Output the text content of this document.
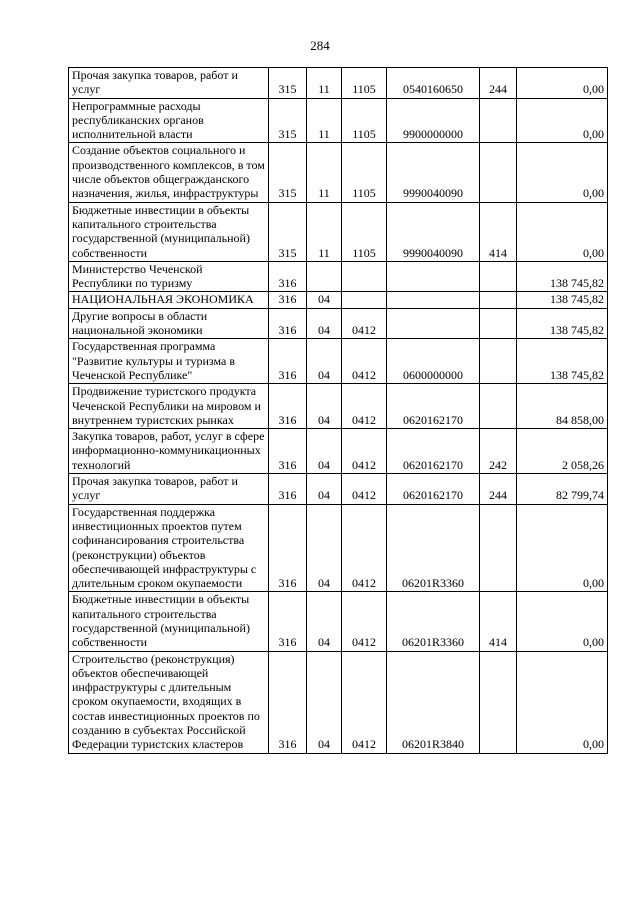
284
Прочая закупка товаров, работ и услуг	315	11	1105	0540160650	244	0,00
Непрограммные расходы республиканских органов исполнительной власти	315	11	1105	9900000000		0,00
Создание объектов социального и производственного комплексов, в том числе объектов общегражданского назначения, жилья, инфраструктуры	315	11	1105	9990040090		0,00
Бюджетные инвестиции в объекты капитального строительства государственной (муниципальной) собственности	315	11	1105	9990040090	414	0,00
Министерство Чеченской Республики по туризму	316					138 745,82
НАЦИОНАЛЬНАЯ ЭКОНОМИКА	316	04				138 745,82
Другие вопросы в области национальной экономики	316	04	0412			138 745,82
Государственная программа "Развитие культуры и туризма в Чеченской Республике"	316	04	0412	0600000000		138 745,82
Продвижение туристского продукта Чеченской Республики на мировом и внутреннем туристских рынках	316	04	0412	0620162170		84 858,00
Закупка товаров, работ, услуг в сфере информационно-коммуникационных технологий	316	04	0412	0620162170	242	2 058,26
Прочая закупка товаров, работ и услуг	316	04	0412	0620162170	244	82 799,74
Государственная поддержка инвестиционных проектов путем софинансирования строительства (реконструкции) объектов обеспечивающей инфраструктуры с длительным сроком окупаемости	316	04	0412	06201R3360		0,00
Бюджетные инвестиции в объекты капитального строительства государственной (муниципальной) собственности	316	04	0412	06201R3360	414	0,00
Строительство (реконструкция) объектов обеспечивающей инфраструктуры с длительным сроком окупаемости, входящих в состав инвестиционных проектов по созданию в субъектах Российской Федерации туристских кластеров	316	04	0412	06201R3840		0,00
